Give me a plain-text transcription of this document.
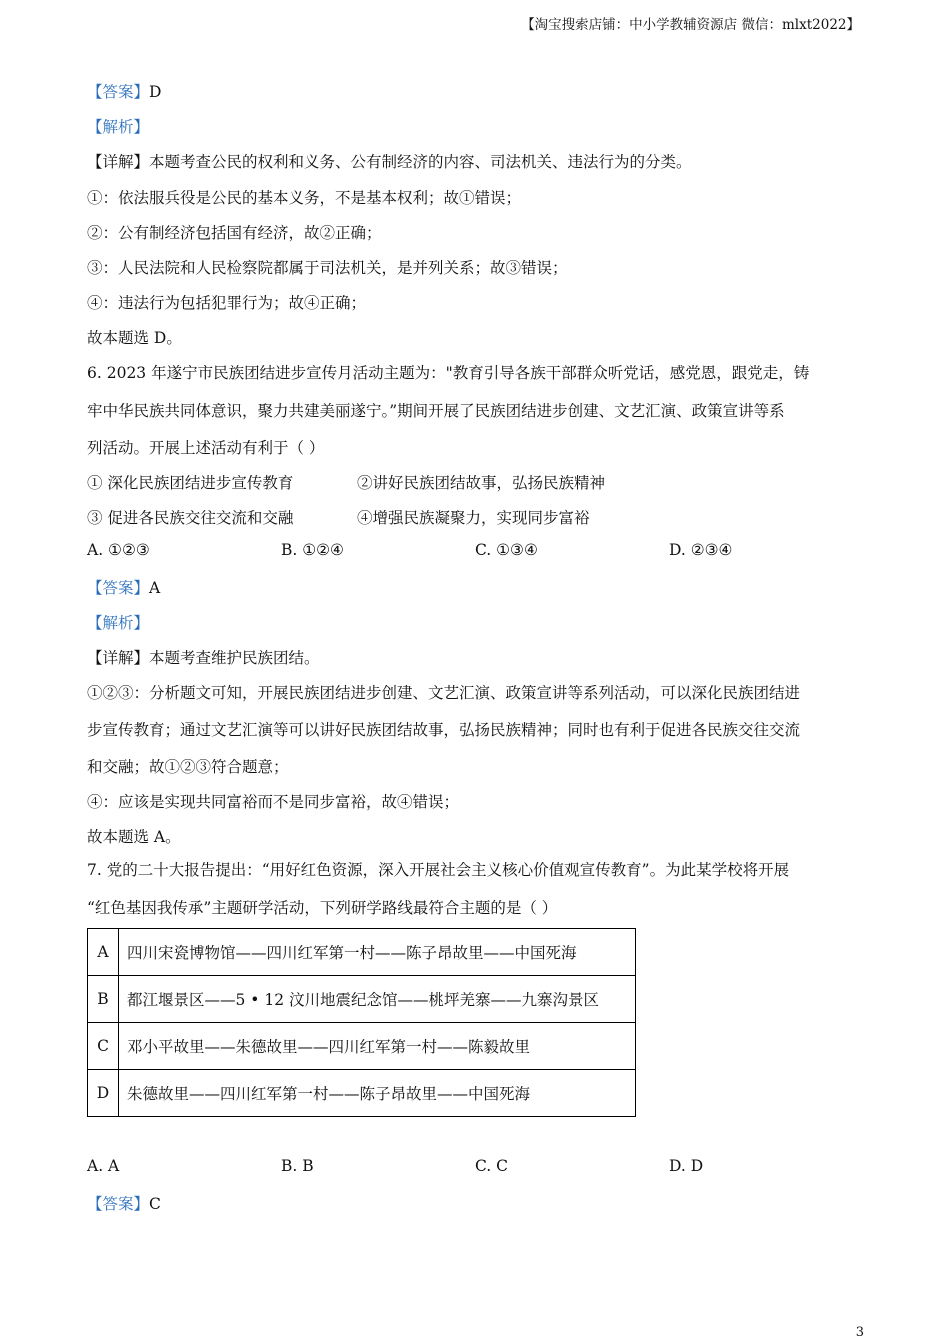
【淘宝搜索店铺：中小学教辅资源店 微信：mlxt2022】
【答案】D
【解析】
【详解】本题考查公民的权利和义务、公有制经济的内容、司法机关、违法行为的分类。
①：依法服兵役是公民的基本义务，不是基本权利；故①错误；
②：公有制经济包括国有经济，故②正确；
③：人民法院和人民检察院都属于司法机关，是并列关系；故③错误；
④：违法行为包括犯罪行为；故④正确；
故本题选 D。
6. 2023 年遂宁市民族团结进步宣传月活动主题为："教育引导各族干部群众听党话，感党恩，跟党走，铸
牢中华民族共同体意识，聚力共建美丽遂宁。”期间开展了民族团结进步创建、文艺汇演、政策宣讲等系
列活动。开展上述活动有利于（ ）
① 深化民族团结进步宣传教育	②讲好民族团结故事，弘扬民族精神
③ 促进各民族交往交流和交融	④增强民族凝聚力，实现同步富裕
A. ①②③	B. ①②④	C. ①③④	D. ②③④
【答案】A
【解析】
【详解】本题考查维护民族团结。
①②③：分析题文可知，开展民族团结进步创建、文艺汇演、政策宣讲等系列活动，可以深化民族团结进
步宣传教育；通过文艺汇演等可以讲好民族团结故事，弘扬民族精神；同时也有利于促进各民族交往交流
和交融；故①②③符合题意；
④：应该是实现共同富裕而不是同步富裕，故④错误；
故本题选 A。
7. 党的二十大报告提出：“用好红色资源，深入开展社会主义核心价值观宣传教育”。为此某学校将开展
“红色基因我传承”主题研学活动，下列研学路线最符合主题的是（ ）
A	四川宋瓷博物馆——四川红军第一村——陈子昂故里——中国死海
B	都江堰景区——5 • 12 汶川地震纪念馆——桃坪羌寨——九寨沟景区
C	邓小平故里——朱德故里——四川红军第一村——陈毅故里
D	朱德故里——四川红军第一村——陈子昂故里——中国死海
A. A	B. B	C. C	D. D
【答案】C
3
